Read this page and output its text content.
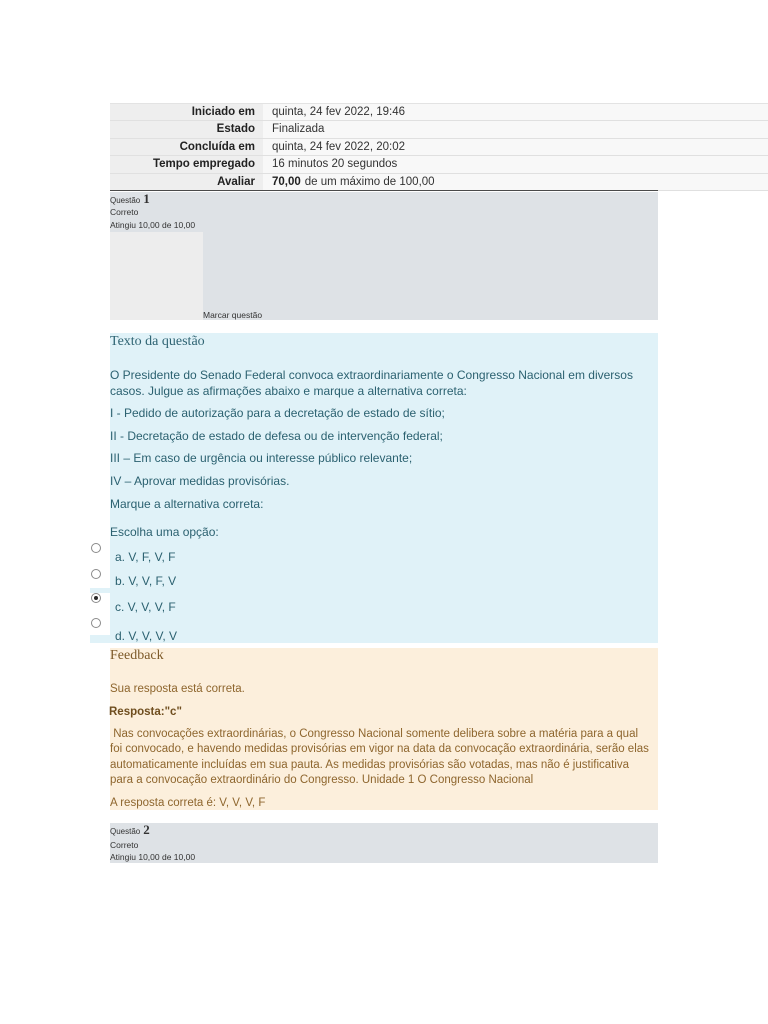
Iniciado em	quinta, 24 fev 2022, 19:46
Estado	Finalizada
Concluída em	quinta, 24 fev 2022, 20:02
Tempo empregado	16 minutos 20 segundos
Avaliar	70,00 de um máximo de 100,00
Questão 1
Correto
Atingiu 10,00 de 10,00
Marcar questão
Texto da questão
O Presidente do Senado Federal convoca extraordinariamente o Congresso Nacional em diversos casos. Julgue as afirmações abaixo e marque a alternativa correta:
I - Pedido de autorização para a decretação de estado de sítio;
II - Decretação de estado de defesa ou de intervenção federal;
III – Em caso de urgência ou interesse público relevante;
IV – Aprovar medidas provisórias.
Marque a alternativa correta:
Escolha uma opção:
a. V, F, V, F
b. V, V, F, V
c. V, V, V, F
d. V, V, V, V
Feedback
Sua resposta está correta.
Resposta:"c"
Nas convocações extraordinárias, o Congresso Nacional somente delibera sobre a matéria para a qual foi convocado, e havendo medidas provisórias em vigor na data da convocação extraordinária, serão elas automaticamente incluídas em sua pauta. As medidas provisórias são votadas, mas não é justificativa para a convocação extraordinário do Congresso. Unidade 1 O Congresso Nacional
A resposta correta é: V, V, V, F
Questão 2
Correto
Atingiu 10,00 de 10,00
